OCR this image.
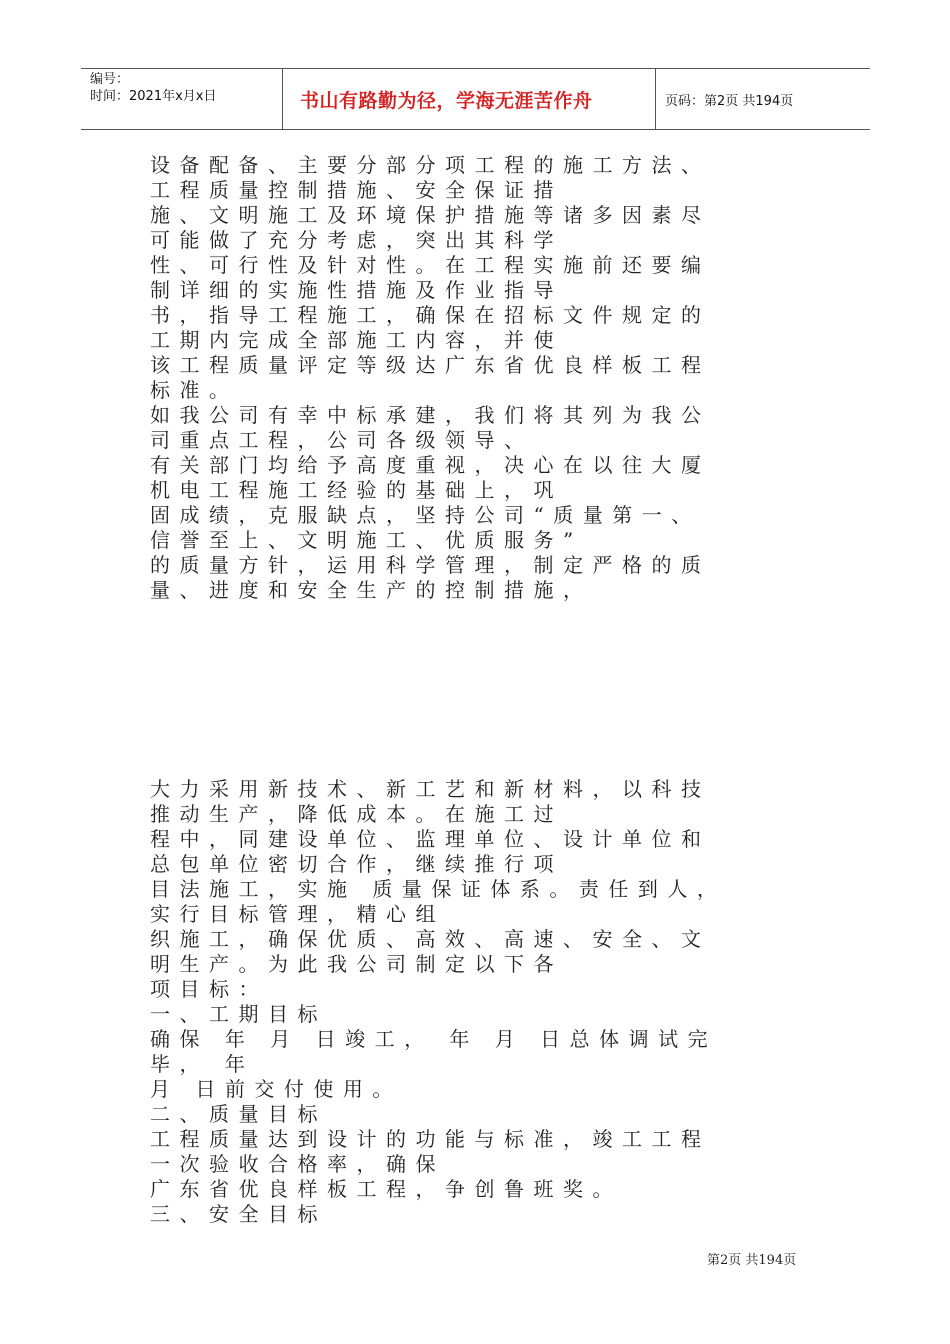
编号：
时间：2021年x月x日	书山有路勤为径，学海无涯苦作舟	页码：第2页 共194页
设备配备、主要分部分项工程的施工方法、
工程质量控制措施、安全保证措
施、文明施工及环境保护措施等诸多因素尽
可能做了充分考虑，突出其科学
性、可行性及针对性。在工程实施前还要编
制详细的实施性措施及作业指导
书，指导工程施工，确保在招标文件规定的
工期内完成全部施工内容，并使
该工程质量评定等级达广东省优良样板工程
标准。
如我公司有幸中标承建，我们将其列为我公
司重点工程，公司各级领导、
有关部门均给予高度重视，决心在以往大厦
机电工程施工经验的基础上，巩
固成绩，克服缺点，坚持公司“质量第一、
信誉至上、文明施工、优质服务”
的质量方针，运用科学管理，制定严格的质
量、进度和安全生产的控制措施，
大力采用新技术、新工艺和新材料，以科技
推动生产，降低成本。在施工过
程中，同建设单位、监理单位、设计单位和
总包单位密切合作，继续推行项
目法施工，实施 质量保证体系。责任到人，
实行目标管理，精心组
织施工，确保优质、高效、高速、安全、文
明生产。为此我公司制定以下各
项目标：
一、工期目标
确保 年 月 日竣工， 年 月 日总体调试完
毕， 年
月 日前交付使用。
二、质量目标
工程质量达到设计的功能与标准，竣工工程
一次验收合格率，确保
广东省优良样板工程，争创鲁班奖。
三、安全目标
第2页 共194页
